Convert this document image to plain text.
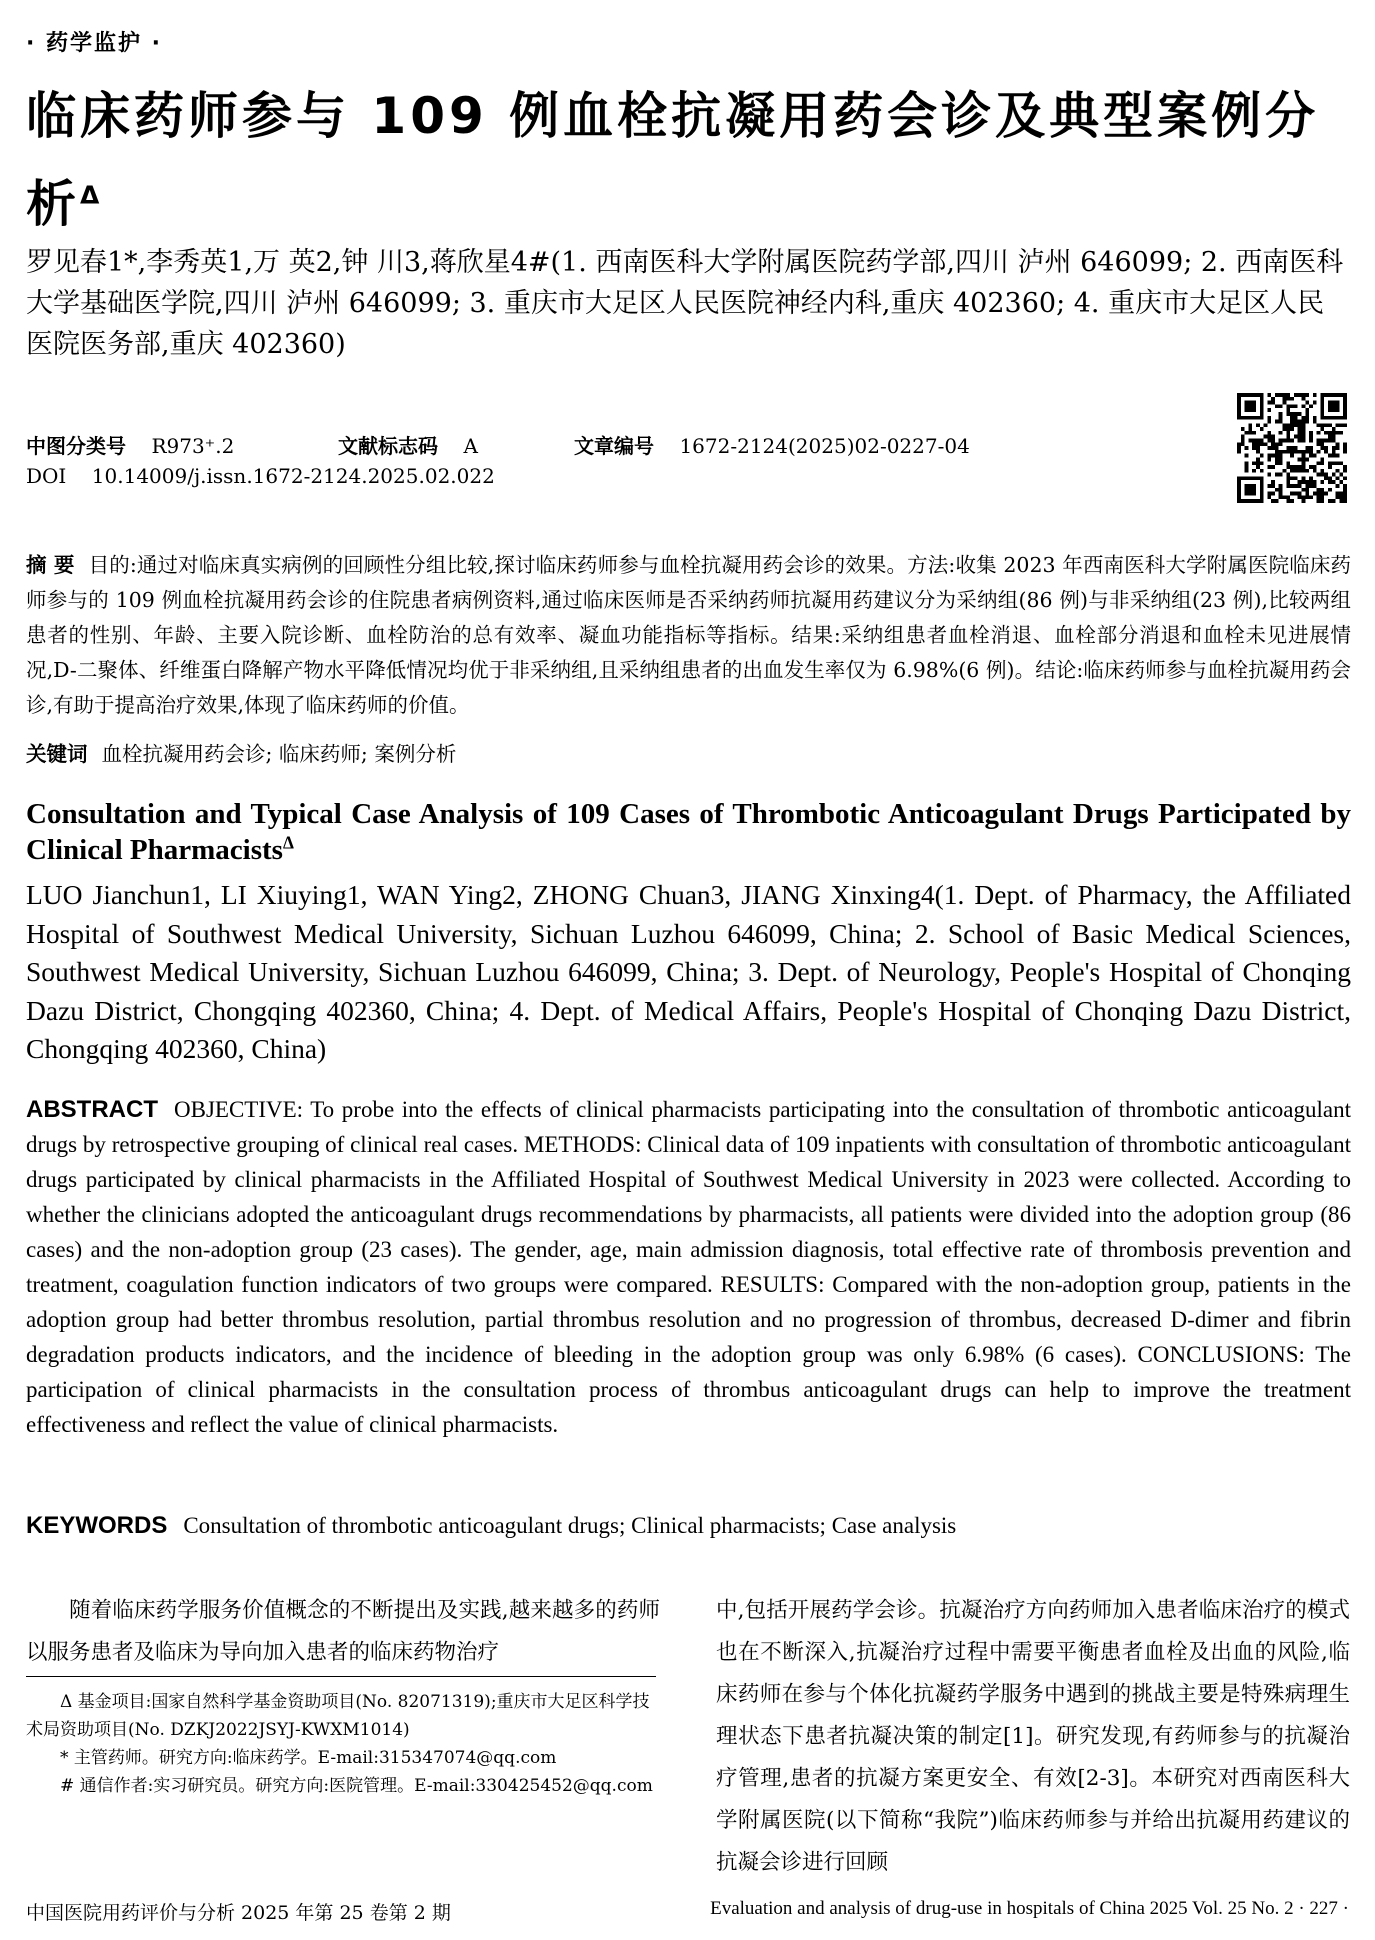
· 药学监护 ·
临床药师参与 109 例血栓抗凝用药会诊及典型案例分析$^\Delta$
罗见春1*,李秀英1,万 英2,钟 川3,蒋欣星4#(1. 西南医科大学附属医院药学部,四川 泸州 646099; 2. 西南医科大学基础医学院,四川 泸州 646099; 3. 重庆市大足区人民医院神经内科,重庆 402360; 4. 重庆市大足区人民医院医务部,重庆 402360)
中图分类号 R973⁺.2	文献标志码 A	文章编号 1672-2124(2025)02-0227-04
DOI 10.14009/j.issn.1672-2124.2025.02.022
摘 要 目的:通过对临床真实病例的回顾性分组比较,探讨临床药师参与血栓抗凝用药会诊的效果。方法:收集 2023 年西南医科大学附属医院临床药师参与的 109 例血栓抗凝用药会诊的住院患者病例资料,通过临床医师是否采纳药师抗凝用药建议分为采纳组(86 例)与非采纳组(23 例),比较两组患者的性别、年龄、主要入院诊断、血栓防治的总有效率、凝血功能指标等指标。结果:采纳组患者血栓消退、血栓部分消退和血栓未见进展情况,D-二聚体、纤维蛋白降解产物水平降低情况均优于非采纳组,且采纳组患者的出血发生率仅为 6.98%(6 例)。结论:临床药师参与血栓抗凝用药会诊,有助于提高治疗效果,体现了临床药师的价值。
关键词 血栓抗凝用药会诊; 临床药师; 案例分析
Consultation and Typical Case Analysis of 109 Cases of Thrombotic Anticoagulant Drugs Participated by Clinical Pharmacists$^\Delta$
LUO Jianchun1, LI Xiuying1, WAN Ying2, ZHONG Chuan3, JIANG Xinxing4(1. Dept. of Pharmacy, the Affiliated Hospital of Southwest Medical University, Sichuan Luzhou 646099, China; 2. School of Basic Medical Sciences, Southwest Medical University, Sichuan Luzhou 646099, China; 3. Dept. of Neurology, People's Hospital of Chonqing Dazu District, Chongqing 402360, China; 4. Dept. of Medical Affairs, People's Hospital of Chonqing Dazu District, Chongqing 402360, China)
ABSTRACT OBJECTIVE: To probe into the effects of clinical pharmacists participating into the consultation of thrombotic anticoagulant drugs by retrospective grouping of clinical real cases. METHODS: Clinical data of 109 inpatients with consultation of thrombotic anticoagulant drugs participated by clinical pharmacists in the Affiliated Hospital of Southwest Medical University in 2023 were collected. According to whether the clinicians adopted the anticoagulant drugs recommendations by pharmacists, all patients were divided into the adoption group (86 cases) and the non-adoption group (23 cases). The gender, age, main admission diagnosis, total effective rate of thrombosis prevention and treatment, coagulation function indicators of two groups were compared. RESULTS: Compared with the non-adoption group, patients in the adoption group had better thrombus resolution, partial thrombus resolution and no progression of thrombus, decreased D-dimer and fibrin degradation products indicators, and the incidence of bleeding in the adoption group was only 6.98% (6 cases). CONCLUSIONS: The participation of clinical pharmacists in the consultation process of thrombus anticoagulant drugs can help to improve the treatment effectiveness and reflect the value of clinical pharmacists.
KEYWORDS Consultation of thrombotic anticoagulant drugs; Clinical pharmacists; Case analysis
随着临床药学服务价值概念的不断提出及实践,越来越多的药师以服务患者及临床为导向加入患者的临床药物治疗
Δ 基金项目:国家自然科学基金资助项目(No. 82071319);重庆市大足区科学技术局资助项目(No. DZKJ2022JSYJ-KWXM1014)
* 主管药师。研究方向:临床药学。E-mail:315347074@qq.com
# 通信作者:实习研究员。研究方向:医院管理。E-mail:330425452@qq.com
中,包括开展药学会诊。抗凝治疗方向药师加入患者临床治疗的模式也在不断深入,抗凝治疗过程中需要平衡患者血栓及出血的风险,临床药师在参与个体化抗凝药学服务中遇到的挑战主要是特殊病理生理状态下患者抗凝决策的制定[1]。研究发现,有药师参与的抗凝治疗管理,患者的抗凝方案更安全、有效[2-3]。本研究对西南医科大学附属医院(以下简称“我院”)临床药师参与并给出抗凝用药建议的抗凝会诊进行回顾
中国医院用药评价与分析 2025 年第 25 卷第 2 期	Evaluation and analysis of drug-use in hospitals of China 2025 Vol. 25 No. 2 · 227 ·
